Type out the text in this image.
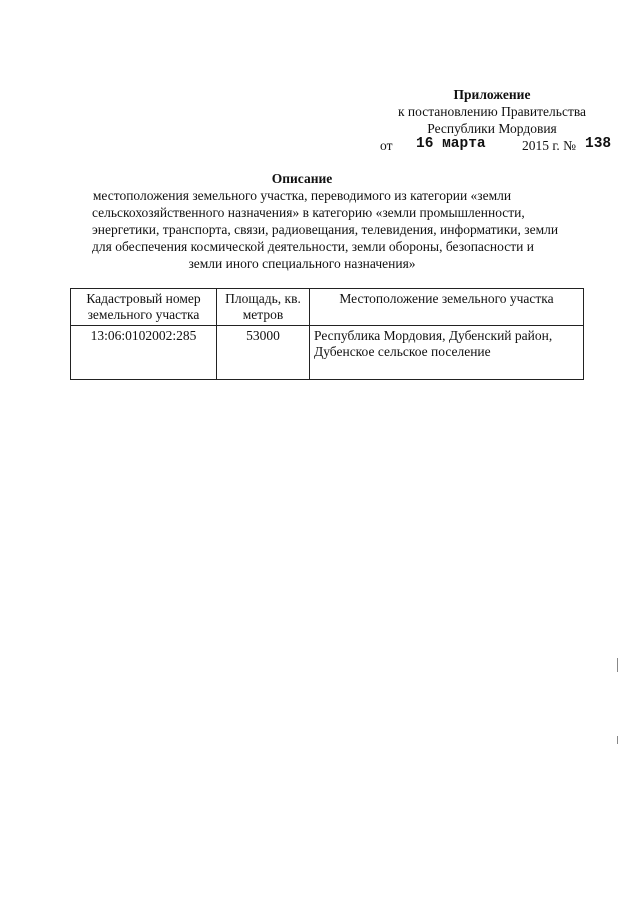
Приложение
к постановлению Правительства
Республики Мордовия
от 16 марта	2015 г. № 138
Описание
местоположения земельного участка, переводимого из категории «земли
сельскохозяйственного назначения» в категорию «земли промышленности,
энергетики, транспорта, связи, радиовещания, телевидения, информатики, земли
для обеспечения космической деятельности, земли обороны, безопасности и
земли иного специального назначения»
Кадастровый номер земельного участка	Площадь, кв. метров	Местоположение земельного участка
13:06:0102002:285	53000	Республика Мордовия, Дубенский район, Дубенское сельское поселение
